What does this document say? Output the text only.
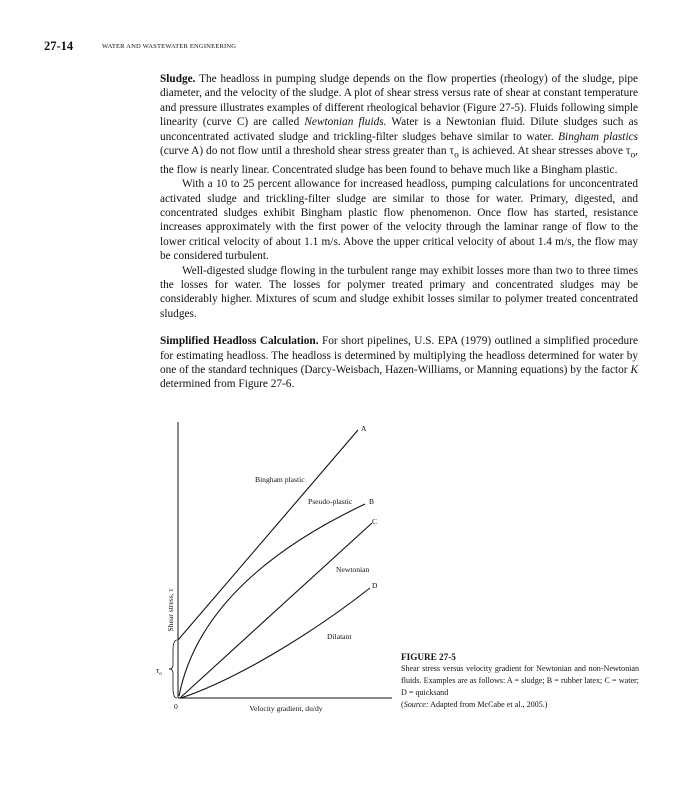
27-14	WATER AND WASTEWATER ENGINEERING

Sludge. The headloss in pumping sludge depends on the flow properties (rheology) of the sludge, pipe diameter, and the velocity of the sludge. A plot of shear stress versus rate of shear at constant temperature and pressure illustrates examples of different rheological behavior (Figure 27-5). Fluids following simple linearity (curve C) are called Newtonian fluids. Water is a Newtonian fluid. Dilute sludges such as unconcentrated activated sludge and trickling-filter sludges behave similar to water. Bingham plastics (curve A) do not flow until a threshold shear stress greater than $\tau_o$ is achieved. At shear stresses above $\tau_o$, the flow is nearly linear. Concentrated sludge has been found to behave much like a Bingham plastic.

With a 10 to 25 percent allowance for increased headloss, pumping calculations for unconcentrated activated sludge and trickling-filter sludge are similar to those for water. Primary, digested, and concentrated sludges exhibit Bingham plastic flow phenomenon. Once flow has started, resistance increases approximately with the first power of the velocity through the laminar range of flow to the lower critical velocity of about 1.1 m/s. Above the upper critical velocity of about 1.4 m/s, the flow may be considered turbulent.

Well-digested sludge flowing in the turbulent range may exhibit losses more than two to three times the losses for water. The losses for polymer treated primary and concentrated sludges may be considerably higher. Mixtures of scum and sludge exhibit losses similar to polymer treated concentrated sludges.

Simplified Headloss Calculation. For short pipelines, U.S. EPA (1979) outlined a simplified procedure for estimating headloss. The headloss is determined by multiplying the headloss determined for water by one of the standard techniques (Darcy-Weisbach, Hazen-Williams, or Manning equations) by the factor K determined from Figure 27-6.

$\tau_o$
Shear stress, τ
Velocity gradient, du/dy
0
A
B
C
D
Bingham plastic
Pseudo-plastic
Newtonian
Dilatant
FIGURE 27-5
Shear stress versus velocity gradient for Newtonian and non-Newtonian fluids. Examples are as follows: A = sludge; B = rubber latex; C = water; D = quicksand
(Source: Adapted from McCabe et al., 2005.)
